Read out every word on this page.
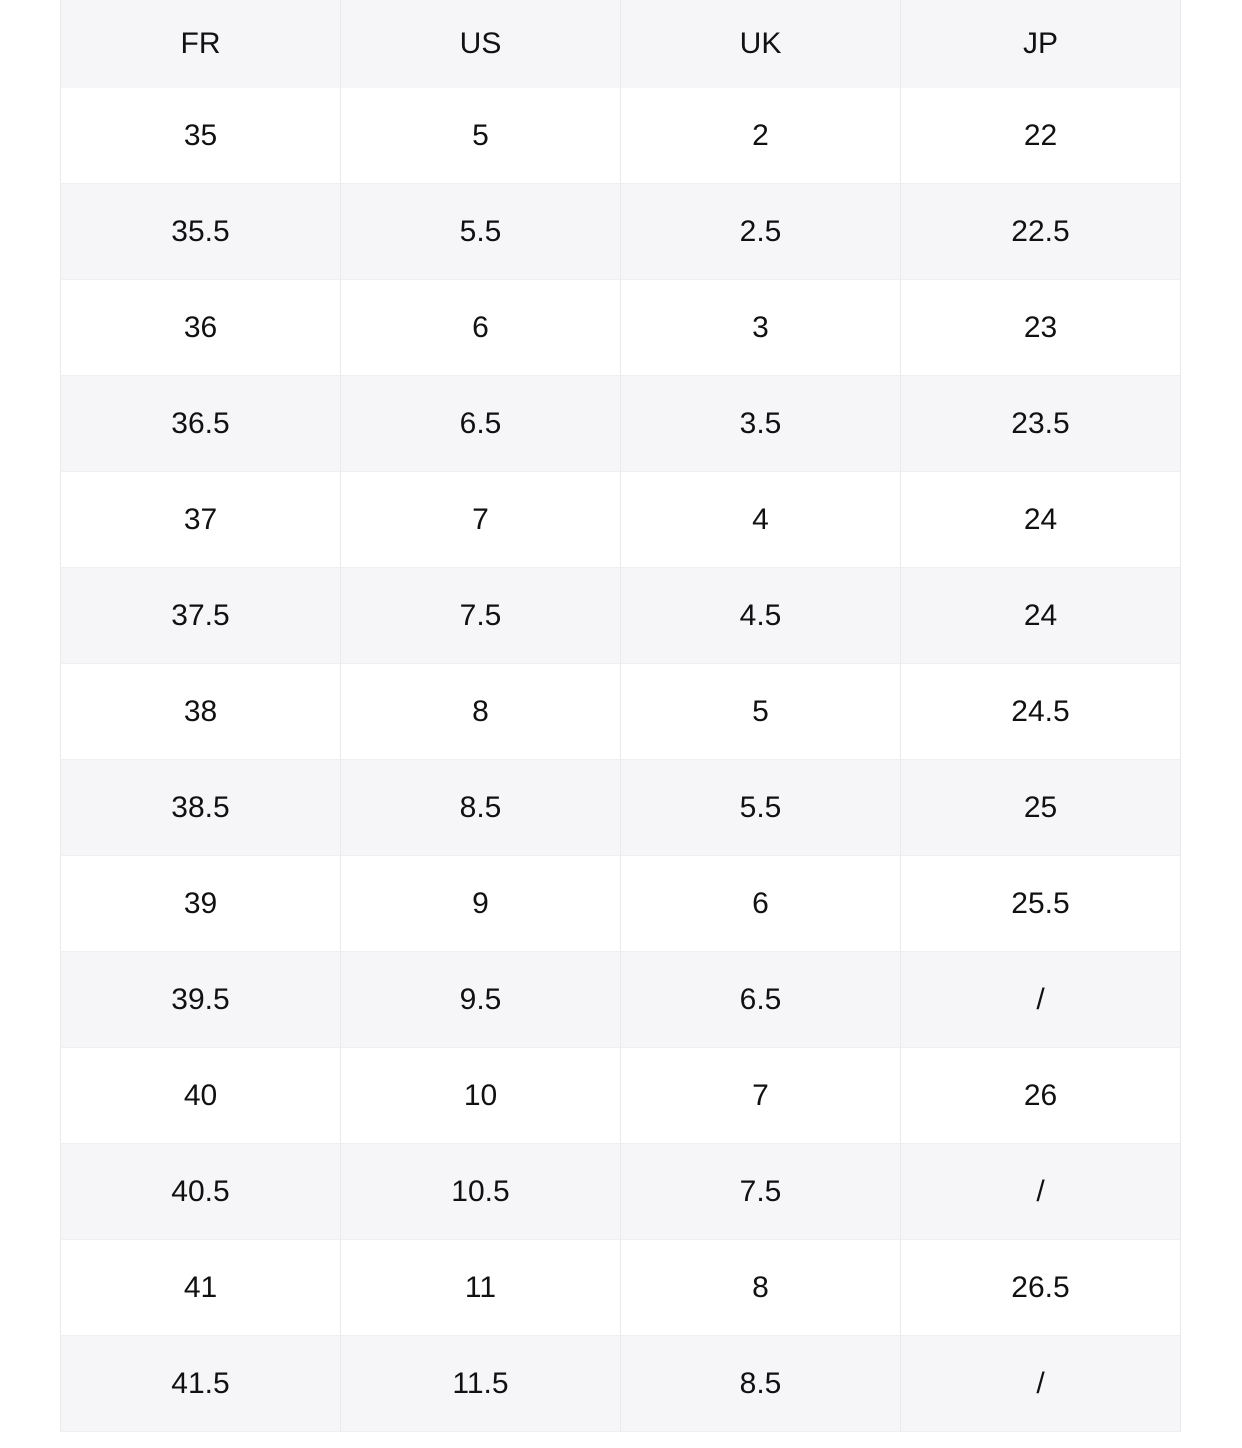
FR	US	UK	JP
35	5	2	22
35.5	5.5	2.5	22.5
36	6	3	23
36.5	6.5	3.5	23.5
37	7	4	24
37.5	7.5	4.5	24
38	8	5	24.5
38.5	8.5	5.5	25
39	9	6	25.5
39.5	9.5	6.5	/
40	10	7	26
40.5	10.5	7.5	/
41	11	8	26.5
41.5	11.5	8.5	/
